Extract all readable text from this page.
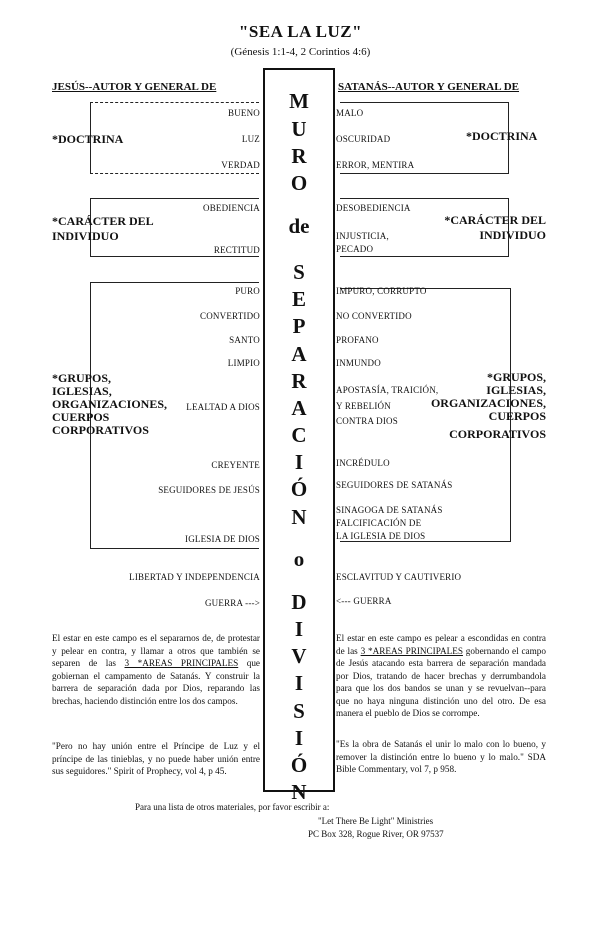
"SEA LA LUZ"
(Génesis 1:1-4, 2 Corintios 4:6)
JESÚS--AUTOR Y GENERAL DE	SATANÁS--AUTOR Y GENERAL DE
M
U
R
O
de
S
E
P
A
R
A
C
I
Ó
N
o
D
I
V
I
S
I
Ó
N
*DOCTRINA
BUENO
LUZ
VERDAD
*CARÁCTER DEL
INDIVIDUO
OBEDIENCIA
RECTITUD
*GRUPOS,
IGLESIAS,
ORGANIZACIONES,
CUERPOS
CORPORATIVOS
PURO
CONVERTIDO
SANTO
LIMPIO
LEALTAD A DIOS
CREYENTE
SEGUIDORES DE JESÚS
IGLESIA DE DIOS
LIBERTAD Y INDEPENDENCIA
GUERRA --->
*DOCTRINA
MALO
OSCURIDAD
ERROR, MENTIRA
*CARÁCTER DEL
INDIVIDUO
DESOBEDIENCIA
INJUSTICIA,
PECADO
*GRUPOS,
IGLESIAS,
ORGANIZACIONES,
CUERPOS
CORPORATIVOS
IMPURO, CORRUPTO
NO CONVERTIDO
PROFANO
INMUNDO
APOSTASÍA, TRAICIÓN,
Y REBELIÓN
CONTRA DIOS
INCRÉDULO
SEGUIDORES DE SATANÁS
SINAGOGA DE SATANÁS
FALCIFICACIÓN DE
LA IGLESIA DE DIOS
ESCLAVITUD Y CAUTIVERIO
<--- GUERRA
El estar en este campo es el separarnos de, de protestar y pelear en contra, y llamar a otros que también se separen de las 3 *AREAS PRINCIPALES que gobiernan el campamento de Satanás. Y construir la barrera de separación dada por Dios, reparando las brechas, haciendo distinción entre los dos campos.
El estar en este campo es pelear a escondidas en contra de las 3 *AREAS PRINCIPALES gobernando el campo de Jesús atacando esta barrera de separación mandada por Dios, tratando de hacer brechas y derrumbandola para que los dos bandos se unan y se revuelvan--para que no haya ninguna distinción uno del otro. De esa manera el pueblo de Dios se corrompe.
"Pero no hay unión entre el Príncipe de Luz y el príncipe de las tinieblas, y no puede haber unión entre sus seguidores." Spirit of Prophecy, vol 4, p 45.
"Es la obra de Satanás el unir lo malo con lo bueno, y remover la distinción entre lo bueno y lo malo." SDA Bible Commentary, vol 7, p 958.
Para una lista de otros materiales, por favor escribir a:
"Let There Be Light" Ministries
PC Box 328, Rogue River, OR 97537
